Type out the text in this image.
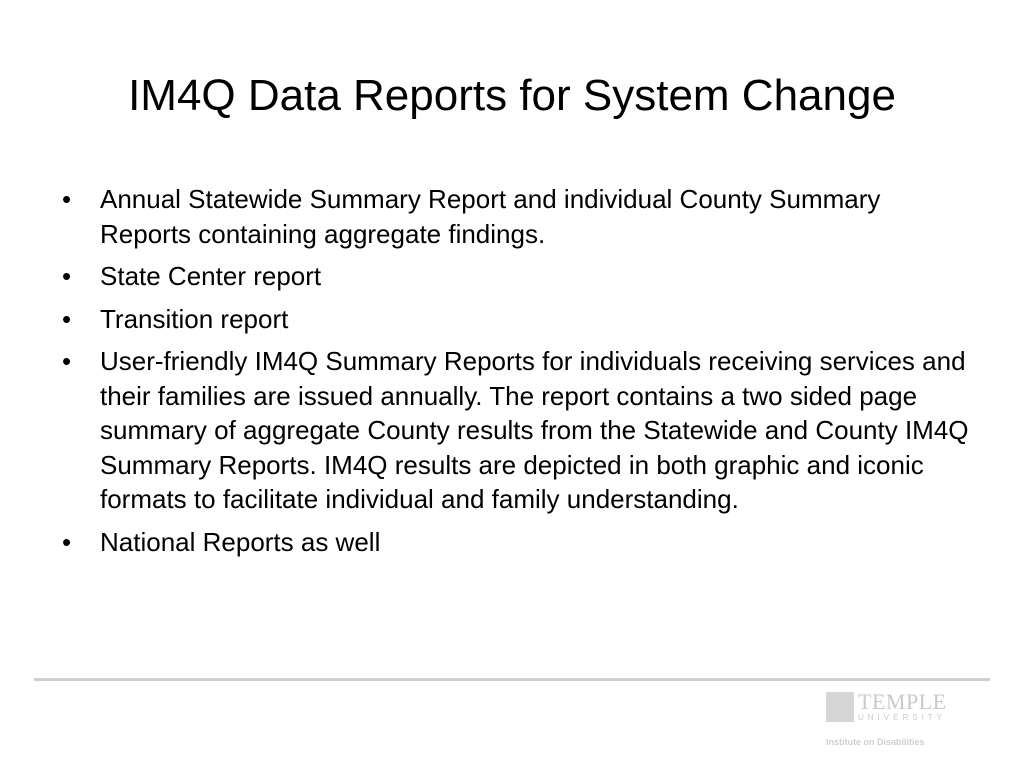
IM4Q Data Reports for System Change
•	Annual Statewide Summary Report and individual County Summary Reports containing aggregate findings.
•	State Center report
•	Transition report
•	User-friendly IM4Q Summary Reports for individuals receiving services and their families are issued annually. The report contains a two sided page summary of aggregate County results from the Statewide and County IM4Q Summary Reports. IM4Q results are depicted in both graphic and iconic formats to facilitate individual and family understanding.
•	National Reports as well
TEMPLE
UNIVERSITY
Institute on Disabilities
